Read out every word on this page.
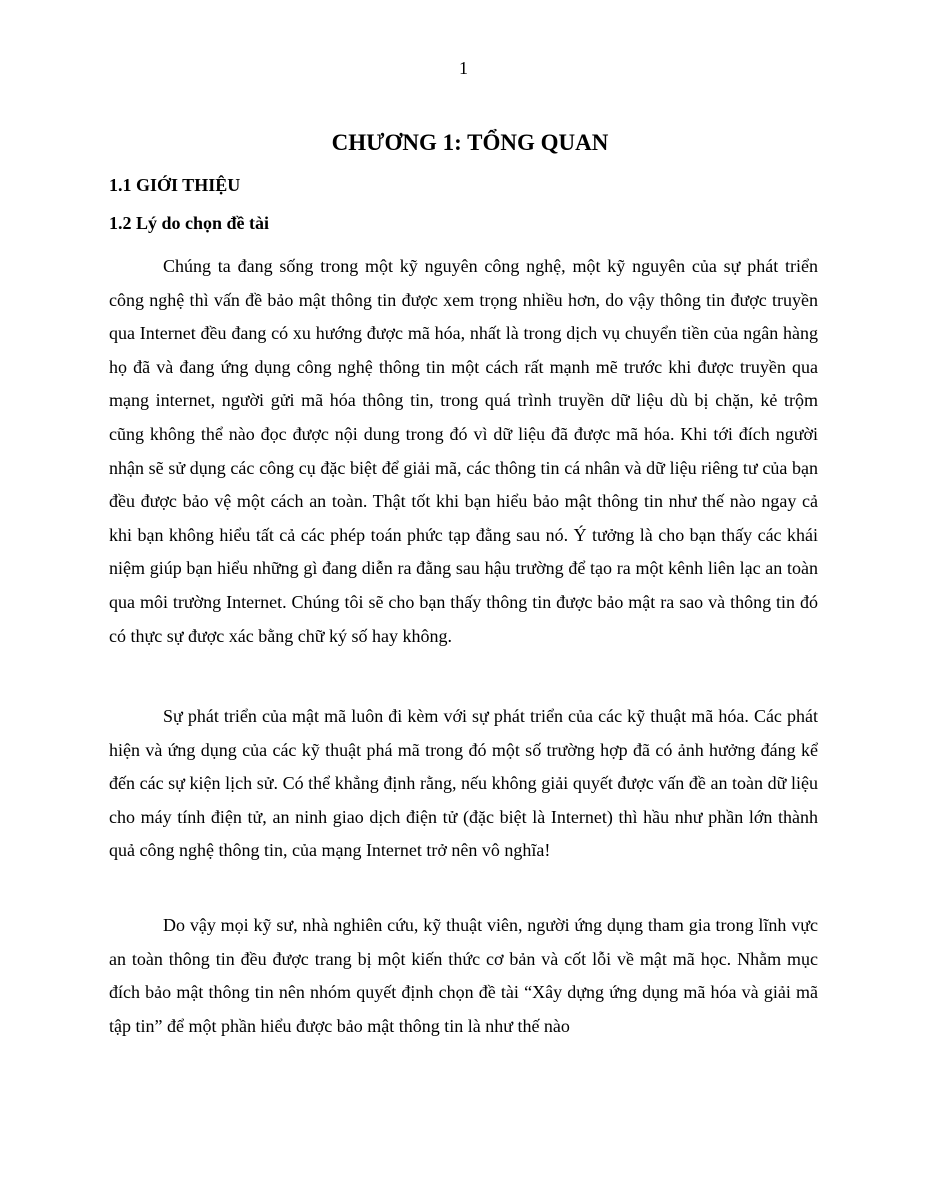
1
CHƯƠNG 1: TỔNG QUAN
1.1 GIỚI THIỆU
1.2 Lý do chọn đề tài

Chúng ta đang sống trong một kỹ nguyên công nghệ, một kỹ nguyên của sự phát triển công nghệ thì vấn đề bảo mật thông tin được xem trọng nhiều hơn, do vậy thông tin được truyền qua Internet đều đang có xu hướng được mã hóa, nhất là trong dịch vụ chuyển tiền của ngân hàng họ đã và đang ứng dụng công nghệ thông tin một cách rất mạnh mẽ trước khi được truyền qua mạng internet, người gửi mã hóa thông tin, trong quá trình truyền dữ liệu dù bị chặn, kẻ trộm cũng không thể nào đọc được nội dung trong đó vì dữ liệu đã được mã hóa. Khi tới đích người nhận sẽ sử dụng các công cụ đặc biệt để giải mã, các thông tin cá nhân và dữ liệu riêng tư của bạn đều được bảo vệ một cách an toàn. Thật tốt khi bạn hiểu bảo mật thông tin như thế nào ngay cả khi bạn không hiểu tất cả các phép toán phức tạp đằng sau nó. Ý tưởng là cho bạn thấy các khái niệm giúp bạn hiểu những gì đang diễn ra đằng sau hậu trường để tạo ra một kênh liên lạc an toàn qua môi trường Internet. Chúng tôi sẽ cho bạn thấy thông tin được bảo mật ra sao và thông tin đó có thực sự được xác bằng chữ ký số hay không.

Sự phát triển của mật mã luôn đi kèm với sự phát triển của các kỹ thuật mã hóa. Các phát hiện và ứng dụng của các kỹ thuật phá mã trong đó một số trường hợp đã có ảnh hưởng đáng kể đến các sự kiện lịch sử. Có thể khẳng định rằng, nếu không giải quyết được vấn đề an toàn dữ liệu cho máy tính điện tử, an ninh giao dịch điện tử (đặc biệt là Internet) thì hầu như phần lớn thành quả công nghệ thông tin, của mạng Internet trở nên vô nghĩa!

Do vậy mọi kỹ sư, nhà nghiên cứu, kỹ thuật viên, người ứng dụng tham gia trong lĩnh vực an toàn thông tin đều được trang bị một kiến thức cơ bản và cốt lỗi về mật mã học. Nhằm mục đích bảo mật thông tin nên nhóm quyết định chọn đề tài “Xây dựng ứng dụng mã hóa và giải mã tập tin” để một phần hiểu được bảo mật thông tin là như thế nào
